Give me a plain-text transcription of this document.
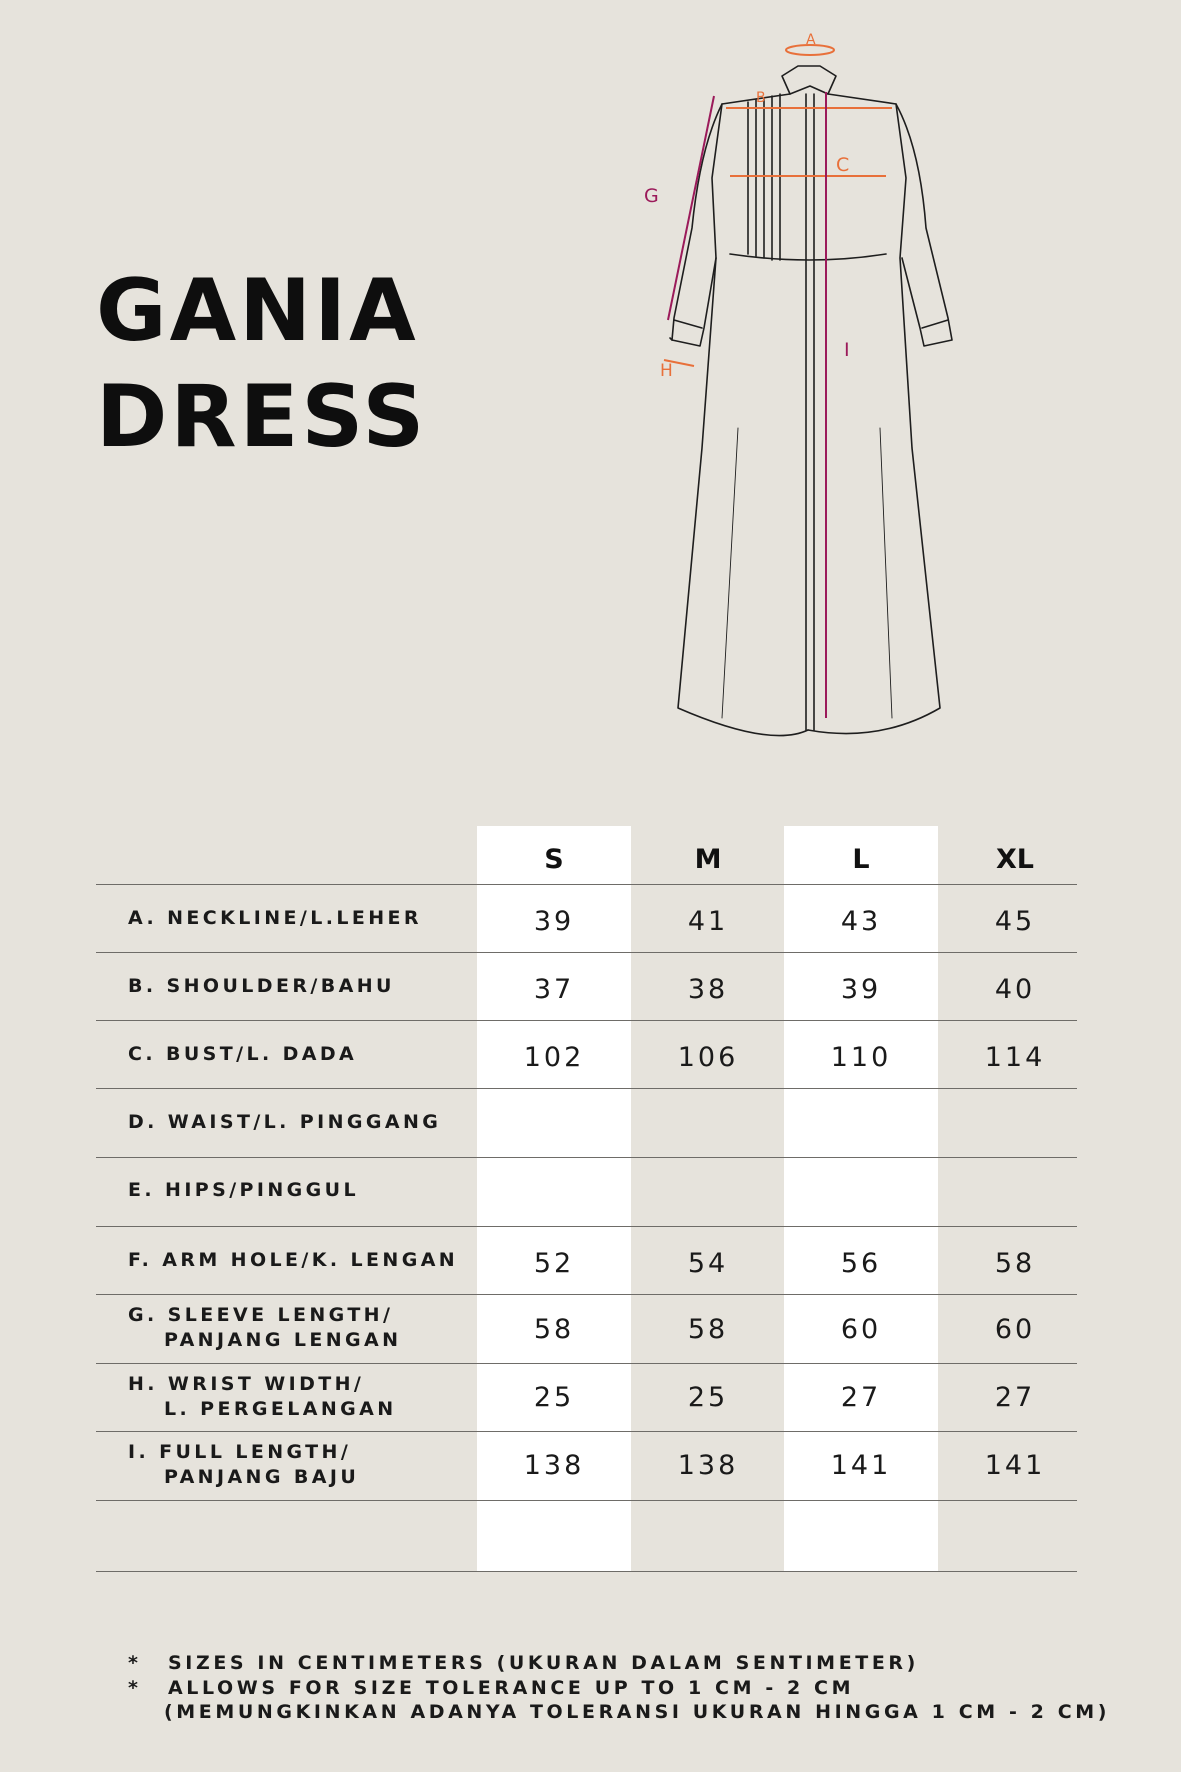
GANIA
DRESS
A
B
C
G
H
I
S	M	L	XL
A. NECKLINE/L.LEHER	39	41	43	45
B. SHOULDER/BAHU	37	38	39	40
C. BUST/L. DADA	102	106	110	114
D. WAIST/L. PINGGANG
E. HIPS/PINGGUL
F. ARM HOLE/K. LENGAN	52	54	56	58
G. SLEEVE LENGTH/
PANJANG LENGAN	58	58	60	60
H. WRIST WIDTH/
L. PERGELANGAN	25	25	27	27
I. FULL LENGTH/
PANJANG BAJU	138	138	141	141
* SIZES IN CENTIMETERS (UKURAN DALAM SENTIMETER)
* ALLOWS FOR SIZE TOLERANCE UP TO 1 CM - 2 CM
(MEMUNGKINKAN ADANYA TOLERANSI UKURAN HINGGA 1 CM - 2 CM)
